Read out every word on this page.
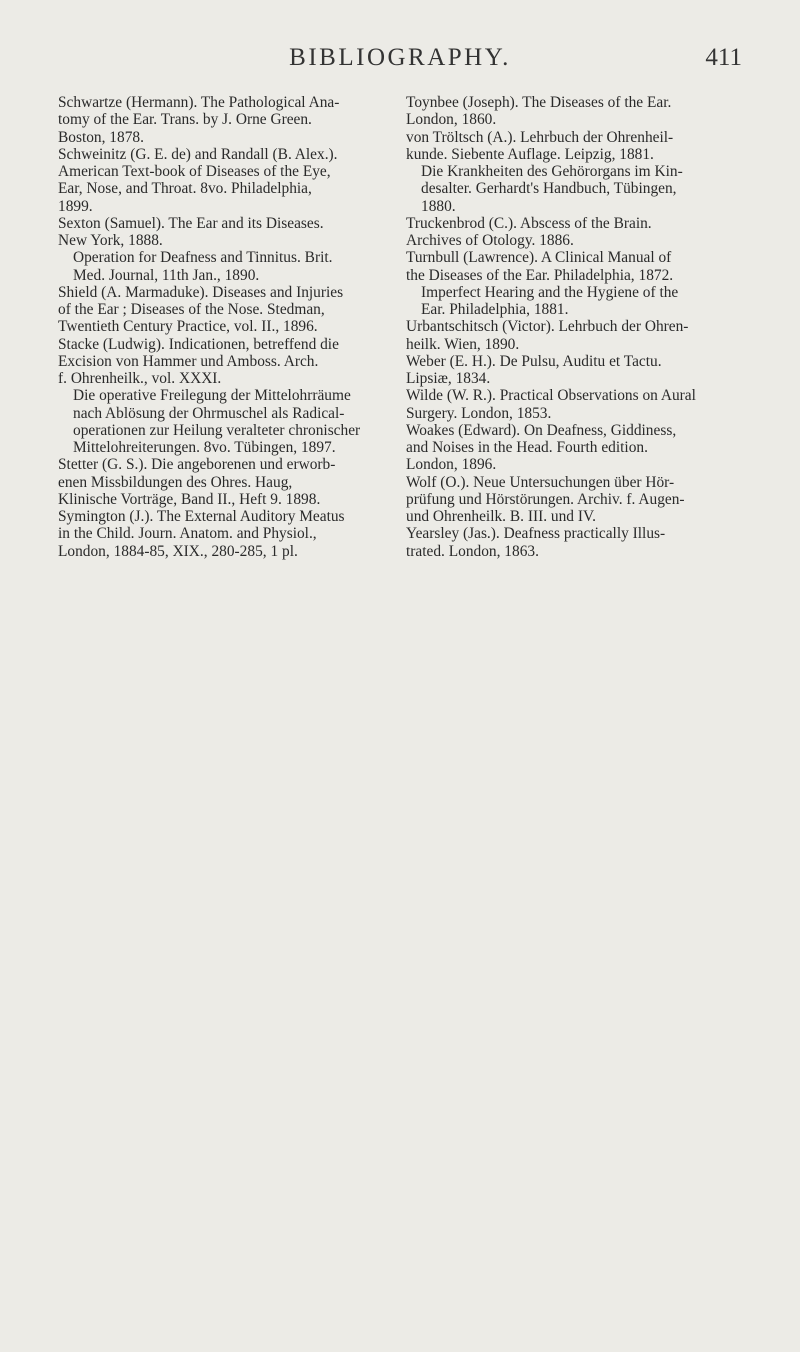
BIBLIOGRAPHY.	411

Schwartze (Hermann). The Pathological Ana-
tomy of the Ear. Trans. by J. Orne Green.
Boston, 1878.

Schweinitz (G. E. de) and Randall (B. Alex.).
American Text-book of Diseases of the Eye,
Ear, Nose, and Throat. 8vo. Philadelphia,
1899.

Sexton (Samuel). The Ear and its Diseases.
New York, 1888.

Operation for Deafness and Tinnitus. Brit.
Med. Journal, 11th Jan., 1890.

Shield (A. Marmaduke). Diseases and Injuries
of the Ear ; Diseases of the Nose. Stedman,
Twentieth Century Practice, vol. II., 1896.

Stacke (Ludwig). Indicationen, betreffend die
Excision von Hammer und Amboss. Arch.
f. Ohrenheilk., vol. XXXI.

Die operative Freilegung der Mittelohrräume
nach Ablösung der Ohrmuschel als Radical-
operationen zur Heilung veralteter chronischer
Mittelohreiterungen. 8vo. Tübingen, 1897.

Stetter (G. S.). Die angeborenen und erworb-
enen Missbildungen des Ohres. Haug,
Klinische Vorträge, Band II., Heft 9. 1898.

Symington (J.). The External Auditory Meatus
in the Child. Journ. Anatom. and Physiol.,
London, 1884-85, XIX., 280-285, 1 pl.

Toynbee (Joseph). The Diseases of the Ear.
London, 1860.

von Tröltsch (A.). Lehrbuch der Ohrenheil-
kunde. Siebente Auflage. Leipzig, 1881.

Die Krankheiten des Gehörorgans im Kin-
desalter. Gerhardt's Handbuch, Tübingen,
1880.

Truckenbrod (C.). Abscess of the Brain.
Archives of Otology. 1886.

Turnbull (Lawrence). A Clinical Manual of
the Diseases of the Ear. Philadelphia, 1872.

Imperfect Hearing and the Hygiene of the
Ear. Philadelphia, 1881.

Urbantschitsch (Victor). Lehrbuch der Ohren-
heilk. Wien, 1890.

Weber (E. H.). De Pulsu, Auditu et Tactu.
Lipsiæ, 1834.

Wilde (W. R.). Practical Observations on Aural
Surgery. London, 1853.

Woakes (Edward). On Deafness, Giddiness,
and Noises in the Head. Fourth edition.
London, 1896.

Wolf (O.). Neue Untersuchungen über Hör-
prüfung und Hörstörungen. Archiv. f. Augen-
und Ohrenheilk. B. III. und IV.

Yearsley (Jas.). Deafness practically Illus-
trated. London, 1863.
